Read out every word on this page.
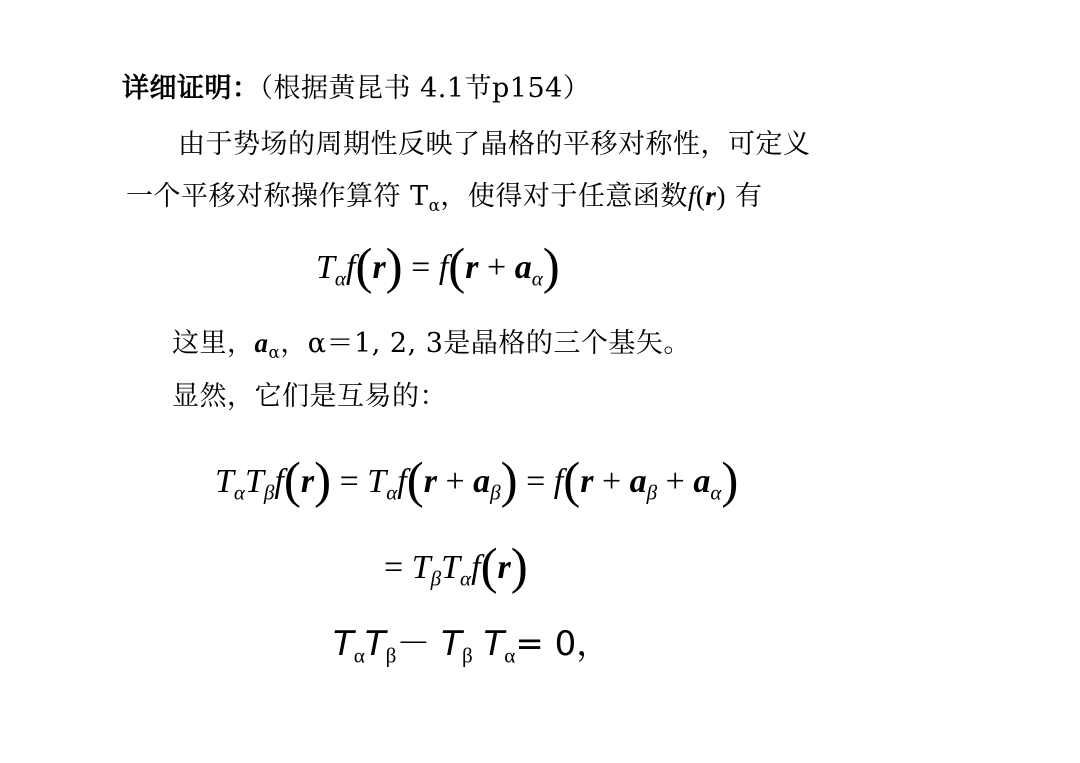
详细证明：（根据黄昆书 4.1节p154）
由于势场的周期性反映了晶格的平移对称性，可定义
一个平移对称操作算符 $T_\alpha$，使得对于任意函数f(r) 有
$T_\alpha f(r) = f(r + a_\alpha)$
这里，$a_\alpha$，α＝1, 2, 3是晶格的三个基矢。
显然，它们是互易的：
$T_\alpha T_\beta f(r) = T_\alpha f(r + a_\beta) = f(r + a_\beta + a_\alpha)$
= $T_\beta T_\alpha f(r)$
$T_\alpha T_\beta- T_\beta$ $T_\alpha= 0$，
